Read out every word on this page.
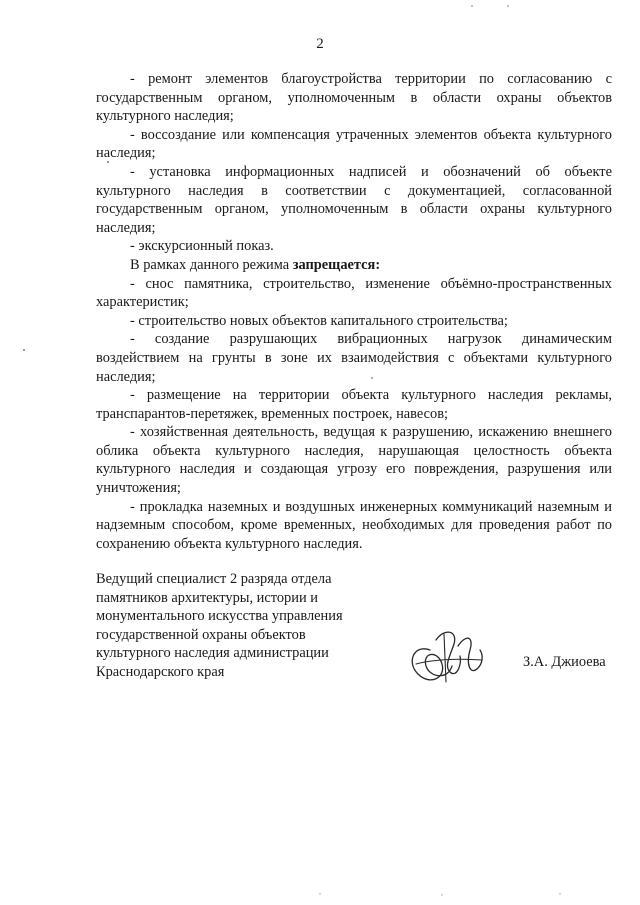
2

- ремонт элементов благоустройства территории по согласованию с государственным органом, уполномоченным в области охраны объектов культурного наследия;

- воссоздание или компенсация утраченных элементов объекта культурного наследия;

- установка информационных надписей и обозначений об объекте культурного наследия в соответствии с документацией, согласованной государственным органом, уполномоченным в области охраны культурного наследия;

- экскурсионный показ.

В рамках данного режима запрещается:

- снос памятника, строительство, изменение объёмно-пространственных характеристик;

- строительство новых объектов капитального строительства;

- создание разрушающих вибрационных нагрузок динамическим воздействием на грунты в зоне их взаимодействия с объектами культурного наследия;

- размещение на территории объекта культурного наследия рекламы, транспарантов-перетяжек, временных построек, навесов;

- хозяйственная деятельность, ведущая к разрушению, искажению внешнего облика объекта культурного наследия, нарушающая целостность объекта культурного наследия и создающая угрозу его повреждения, разрушения или уничтожения;

- прокладка наземных и воздушных инженерных коммуникаций наземным и надземным способом, кроме временных, необходимых для проведения работ по сохранению объекта культурного наследия.

Ведущий специалист 2 разряда отдела

памятников архитектуры, истории и

монументального искусства управления

государственной охраны объектов

культурного наследия администрации

Краснодарского края

З.А. Джиоева
